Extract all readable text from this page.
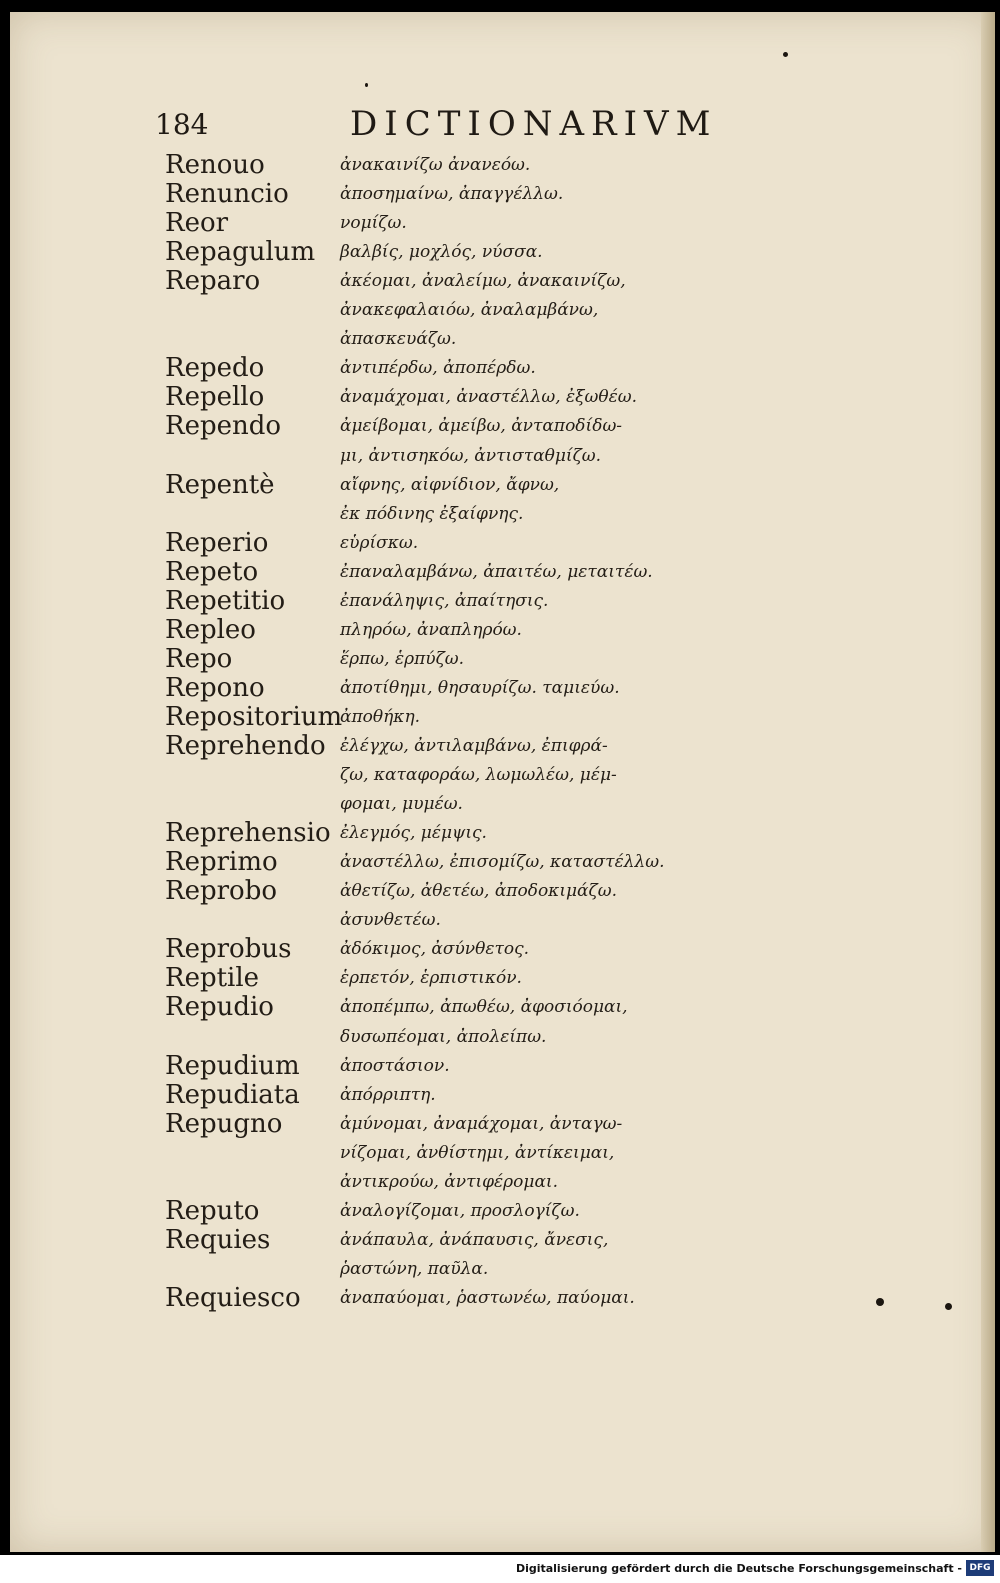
184	DICTIONARIVM
Renouo
Renuncio
Reor
Repagulum
Reparo
Repedo
Repello
Rependo
Repentè
Reperio
Repeto
Repetitio
Repleo
Repo
Repono
Repositorium
Reprehendo
Reprehensio
Reprimo
Reprobo
Reprobus
Reptile
Repudio
Repudium
Repudiata
Repugno
Reputo
Requies
Requiesco
ἀνακαινίζω ἀνανεόω.
ἀποσημαίνω, ἀπαγγέλλω.
νομίζω.
βαλβίς, μοχλός, νύσσα.
ἀκέομαι, ἀναλείμω, ἀνακαινίζω,
ἀνακεφαλαιόω, ἀναλαμβάνω,
ἀπασκευάζω.
ἀντιπέρδω, ἀποπέρδω.
ἀναμάχομαι, ἀναστέλλω, ἐξωθέω.
ἀμείβομαι, ἀμείβω, ἀνταποδίδω-
μι, ἀντισηκόω, ἀντισταθμίζω.
αἴφνης, αἰφνίδιον, ἄφνω,
ἐκ πόδινης ἐξαίφνης.
εὑρίσκω.
ἐπαναλαμβάνω, ἀπαιτέω, μεταιτέω.
ἐπανάληψις, ἀπαίτησις.
πληρόω, ἀναπληρόω.
ἕρπω, ἑρπύζω.
ἀποτίθημι, θησαυρίζω. ταμιεύω.
ἀποθήκη.
ἐλέγχω, ἀντιλαμβάνω, ἐπιφρά-
ζω, καταφοράω, λωμωλέω, μέμ-
φομαι, μυμέω.
ἐλεγμός, μέμψις.
ἀναστέλλω, ἐπισομίζω, καταστέλλω.
ἀθετίζω, ἀθετέω, ἀποδοκιμάζω.
ἀσυνθετέω.
ἀδόκιμος, ἀσύνθετος.
ἑρπετόν, ἑρπιστικόν.
ἀποπέμπω, ἀπωθέω, ἀφοσιόομαι,
δυσωπέομαι, ἀπολείπω.
ἀποστάσιον.
ἀπόρριπτη.
ἀμύνομαι, ἀναμάχομαι, ἀνταγω-
νίζομαι, ἀνθίστημι, ἀντίκειμαι,
ἀντικρούω, ἀντιφέρομαι.
ἀναλογίζομαι, προσλογίζω.
ἀνάπαυλα, ἀνάπαυσις, ἄνεσις,
ῥαστώνη, παῦλα.
ἀναπαύομαι, ῥαστωνέω, παύομαι.
Digitalisierung gefördert durch die Deutsche Forschungsgemeinschaft - DFG
